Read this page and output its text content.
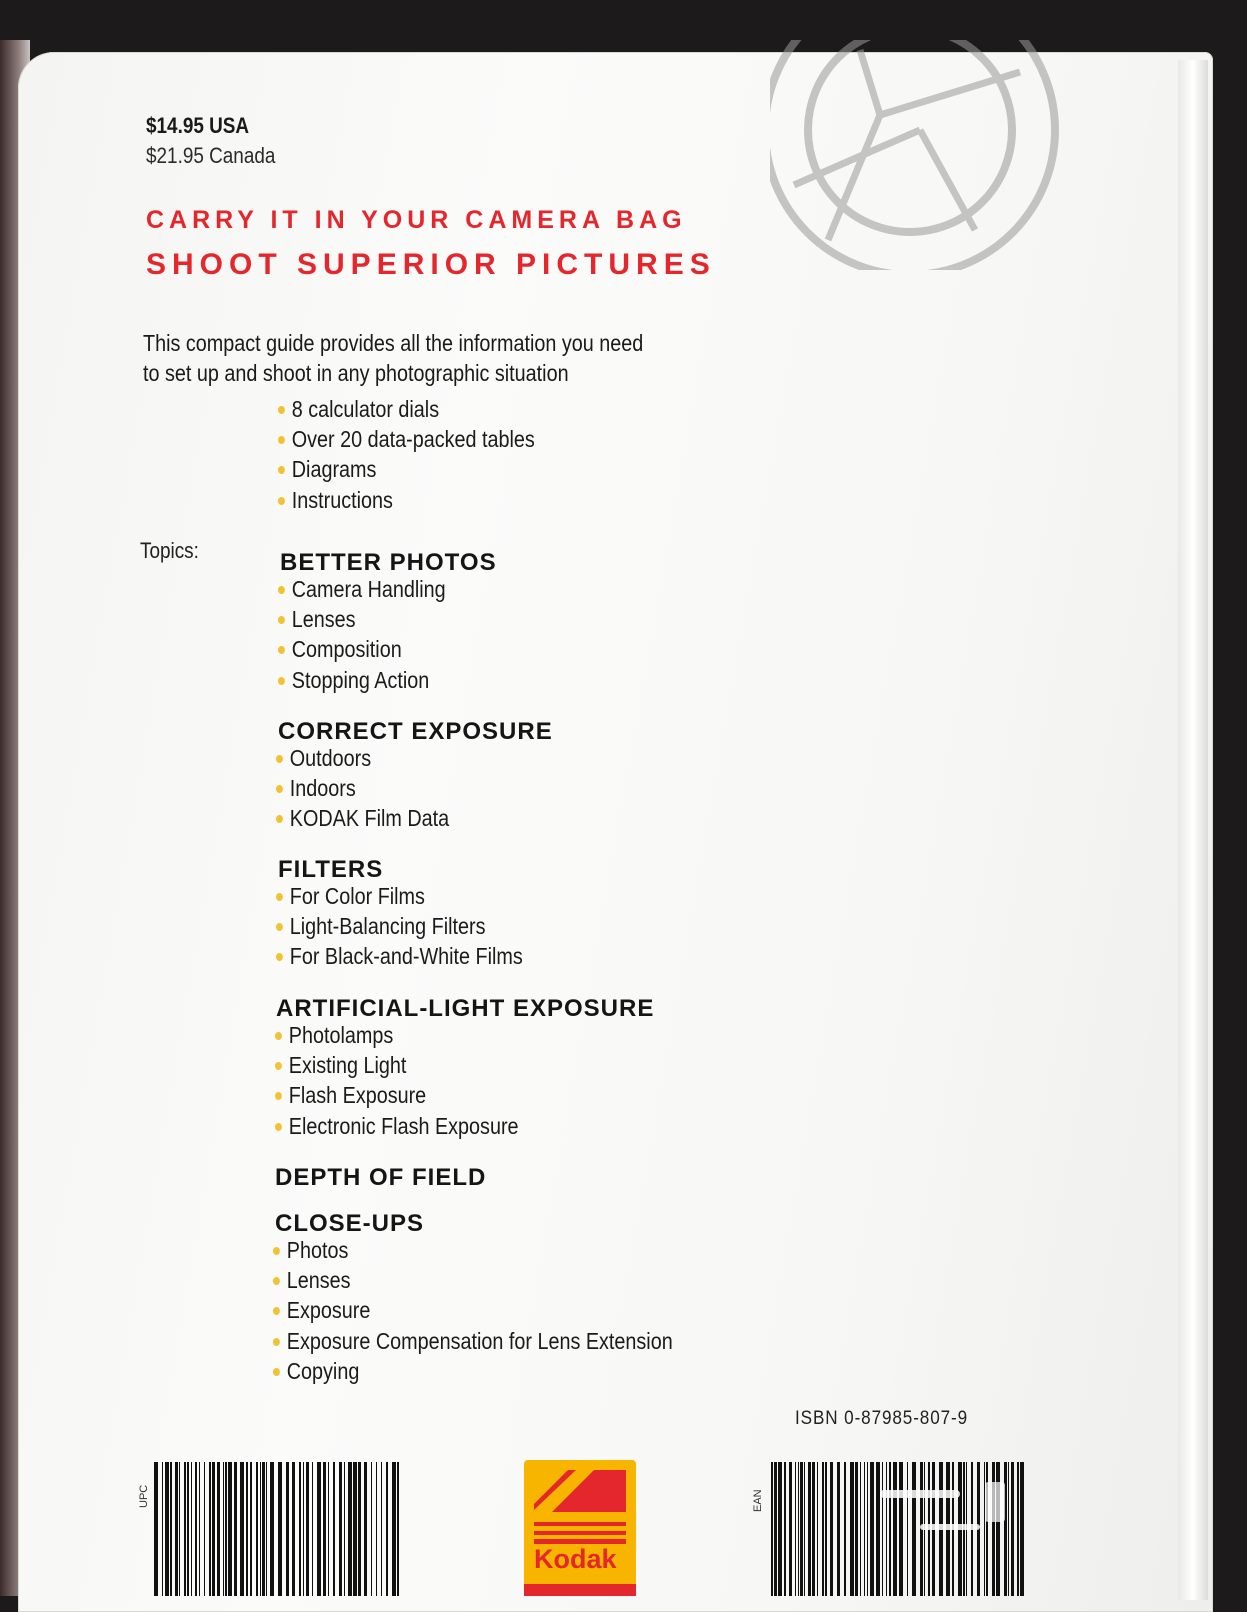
$14.95 USA
$21.95 Canada
CARRY IT IN YOUR CAMERA BAG
SHOOT SUPERIOR PICTURES
This compact guide provides all the information you need
to set up and shoot in any photographic situation
8 calculator dials
Over 20 data-packed tables
Diagrams
Instructions
Topics:	BETTER PHOTOS
Camera Handling
Lenses
Composition
Stopping Action
CORRECT EXPOSURE
Outdoors
Indoors
KODAK Film Data
FILTERS
For Color Films
Light-Balancing Filters
For Black-and-White Films
ARTIFICIAL-LIGHT EXPOSURE
Photolamps
Existing Light
Flash Exposure
Electronic Flash Exposure
DEPTH OF FIELD
CLOSE-UPS
Photos
Lenses
Exposure
Exposure Compensation for Lens Extension
Copying
UPC	EAN
ISBN 0-87985-807-9
Kodak
